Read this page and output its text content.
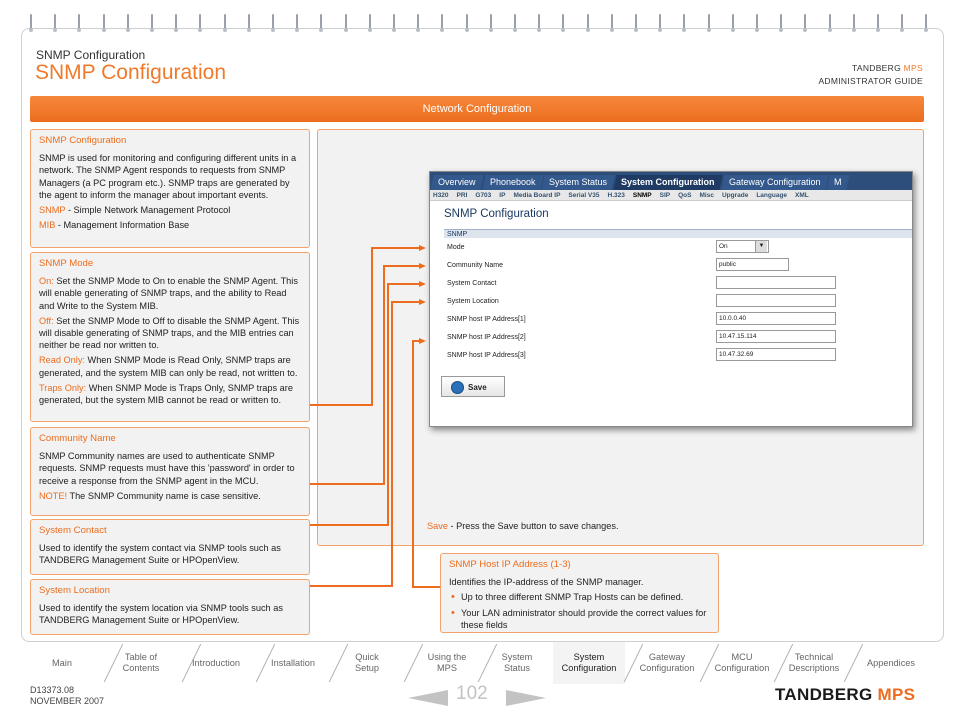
SNMP Configuration
SNMP Configuration	TANDBERG MPS
ADMINISTRATOR GUIDE
Network Configuration
SNMP Configuration

SNMP is used for monitoring and configuring different units in a network. The SNMP Agent responds to requests from SNMP Managers (a PC program etc.). SNMP traps are generated by the agent to inform the manager about important events.

SNMP - Simple Network Management Protocol

MIB - Management Information Base

SNMP Mode

On: Set the SNMP Mode to On to enable the SNMP Agent. This will enable generating of SNMP traps, and the ability to Read and Write to the System MIB.

Off: Set the SNMP Mode to Off to disable the SNMP Agent. This will disable generating of SNMP traps, and the MIB entries can neither be read nor written to.

Read Only: When SNMP Mode is Read Only, SNMP traps are generated, and the system MIB can only be read, not written to.

Traps Only: When SNMP Mode is Traps Only, SNMP traps are generated, but the system MIB cannot be read or written to.

Community Name

SNMP Community names are used to authenticate SNMP requests. SNMP requests must have this 'password' in order to receive a response from the SNMP agent in the MCU.

NOTE! The SNMP Community name is case sensitive.

System Contact

Used to identify the system contact via SNMP tools such as TANDBERG Management Suite or HPOpenView.

System Location

Used to identify the system location via SNMP tools such as TANDBERG Management Suite or HPOpenView.

Overview	Phonebook	System Status	System Configuration	Gateway Configuration	M
H320 PRI G703 IP Media Board IP Serial V35 H.323 SNMP SIP QoS Misc Upgrade Language XML
SNMP Configuration
SNMP
Mode	On ▼
Community Name	public
System Contact
System Location
SNMP host IP Address[1]	10.0.0.40
SNMP host IP Address[2]	10.47.15.114
SNMP host IP Address[3]	10.47.32.69
Save
Save - Press the Save button to save changes.
SNMP Host IP Address (1-3)

Identifies the IP-address of the SNMP manager.

• Up to three different SNMP Trap Hosts can be defined.
• Your LAN administrator should provide the correct values for these fields
Main
Table of Contents
Introduction	Installation
Quick Setup
Using the MPS
System Status
System Configuration
Gateway Configuration
MCU Configuration
Technical Descriptions
Appendices
D13373.08
NOVEMBER 2007	102	TANDBERG MPS
